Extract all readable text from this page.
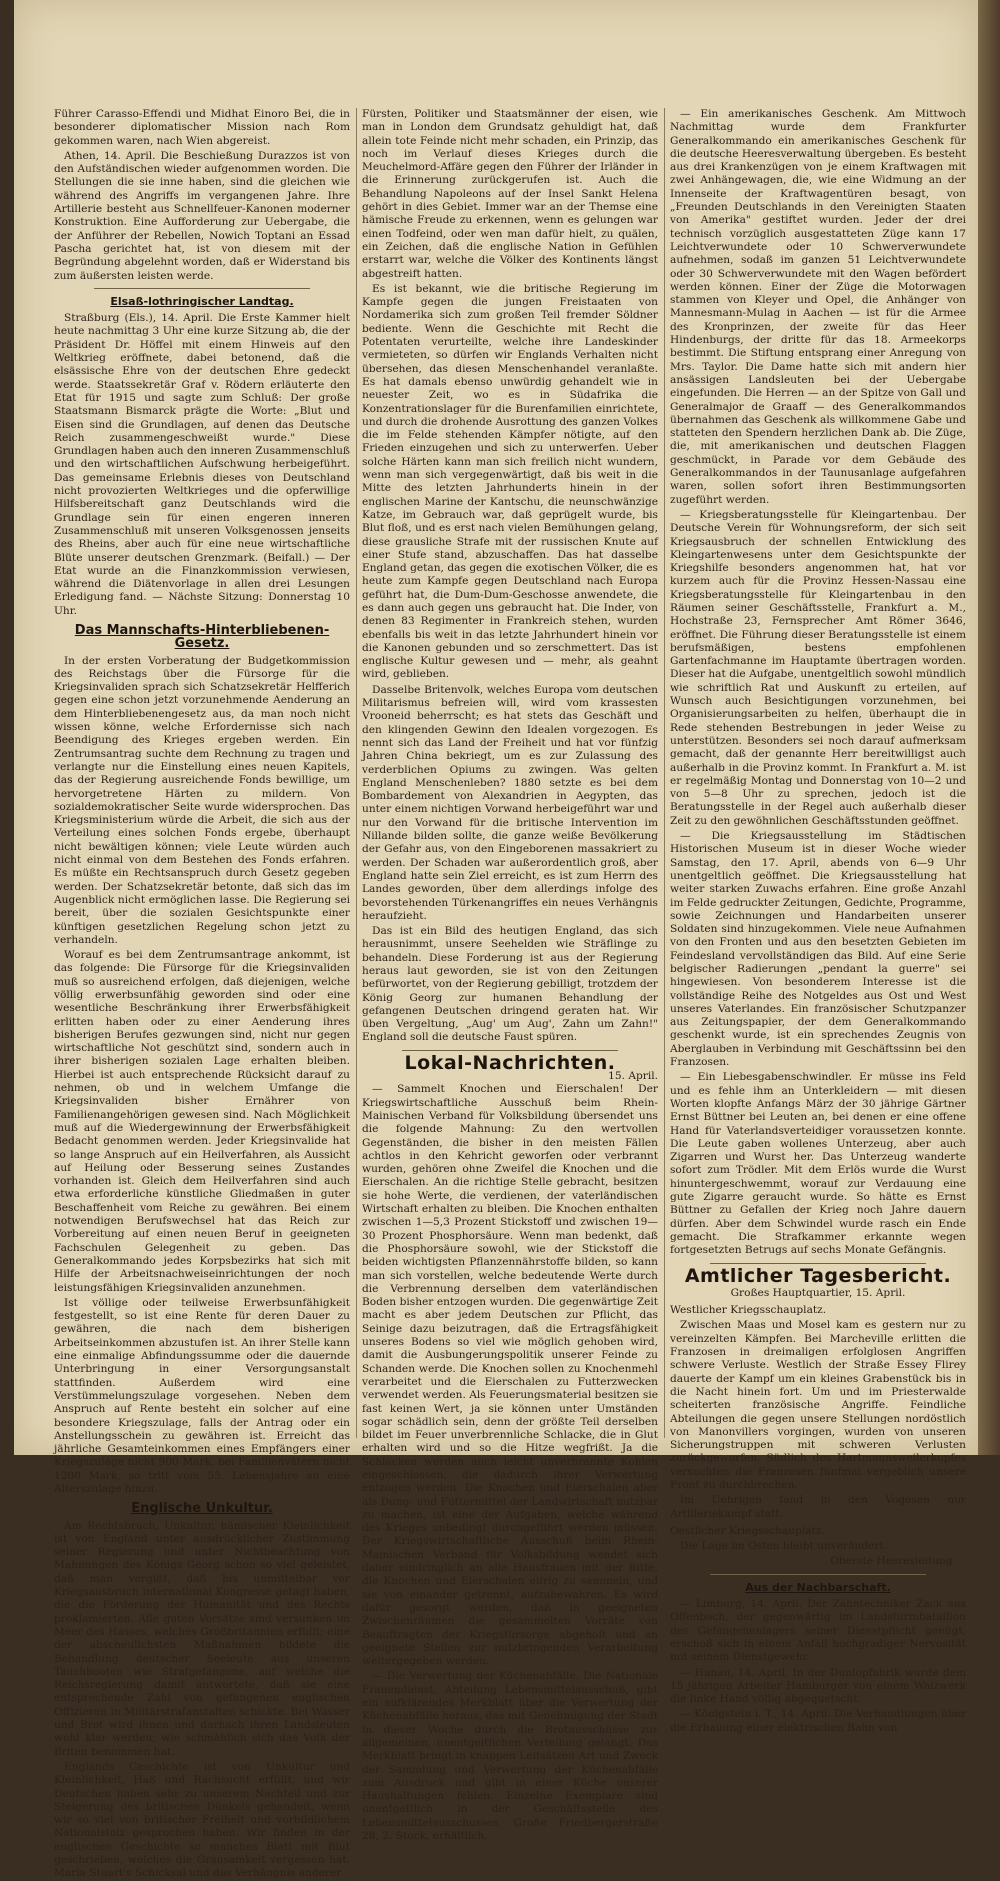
Führer Carasso-Effendi und Midhat Einoro Bei, die in besonderer diplomatischer Mission nach Rom gekommen waren, nach Wien abgereist.

Athen, 14. April. Die Beschießung Durazzos ist von den Aufständischen wieder aufgenommen worden. Die Stellungen die sie inne haben, sind die gleichen wie während des Angriffs im vergangenen Jahre. Ihre Artillerie besteht aus Schnellfeuer-Kanonen moderner Konstruktion. Eine Aufforderung zur Uebergabe, die der Anführer der Rebellen, Nowich Toptani an Essad Pascha gerichtet hat, ist von diesem mit der Begründung abgelehnt worden, daß er Widerstand bis zum äußersten leisten werde.

Elsaß-lothringischer Landtag.

Straßburg (Els.), 14. April. Die Erste Kammer hielt heute nachmittag 3 Uhr eine kurze Sitzung ab, die der Präsident Dr. Höffel mit einem Hinweis auf den Weltkrieg eröffnete, dabei betonend, daß die elsässische Ehre von der deutschen Ehre gedeckt werde. Staatssekretär Graf v. Rödern erläuterte den Etat für 1915 und sagte zum Schluß: Der große Staatsmann Bismarck prägte die Worte: „Blut und Eisen sind die Grundlagen, auf denen das Deutsche Reich zusammengeschweißt wurde." Diese Grundlagen haben auch den inneren Zusammenschluß und den wirtschaftlichen Aufschwung herbeigeführt. Das gemeinsame Erlebnis dieses von Deutschland nicht provozierten Weltkrieges und die opferwillige Hilfsbereitschaft ganz Deutschlands wird die Grundlage sein für einen engeren inneren Zusammenschluß mit unseren Volksgenossen jenseits des Rheins, aber auch für eine neue wirtschaftliche Blüte unserer deutschen Grenzmark. (Beifall.) — Der Etat wurde an die Finanzkommission verwiesen, während die Diätenvorlage in allen drei Lesungen Erledigung fand. — Nächste Sitzung: Donnerstag 10 Uhr.

Das Mannschafts-Hinterbliebenen-Gesetz.

In der ersten Vorberatung der Budgetkommission des Reichstags über die Fürsorge für die Kriegsinvaliden sprach sich Schatzsekretär Helfferich gegen eine schon jetzt vorzunehmende Aenderung an dem Hinterbliebenengesetz aus, da man noch nicht wissen könne, welche Erfordernisse sich nach Beendigung des Krieges ergeben werden. Ein Zentrumsantrag suchte dem Rechnung zu tragen und verlangte nur die Einstellung eines neuen Kapitels, das der Regierung ausreichende Fonds bewillige, um hervorgetretene Härten zu mildern. Von sozialdemokratischer Seite wurde widersprochen. Das Kriegsministerium würde die Arbeit, die sich aus der Verteilung eines solchen Fonds ergebe, überhaupt nicht bewältigen können; viele Leute würden auch nicht einmal von dem Bestehen des Fonds erfahren. Es müßte ein Rechtsanspruch durch Gesetz gegeben werden. Der Schatzsekretär betonte, daß sich das im Augenblick nicht ermöglichen lasse. Die Regierung sei bereit, über die sozialen Gesichtspunkte einer künftigen gesetzlichen Regelung schon jetzt zu verhandeln.

Worauf es bei dem Zentrumsantrage ankommt, ist das folgende: Die Fürsorge für die Kriegsinvaliden muß so ausreichend erfolgen, daß diejenigen, welche völlig erwerbsunfähig geworden sind oder eine wesentliche Beschränkung ihrer Erwerbsfähigkeit erlitten haben oder zu einer Aenderung ihres bisherigen Berufes gezwungen sind, nicht nur gegen wirtschaftliche Not geschützt sind, sondern auch in ihrer bisherigen sozialen Lage erhalten bleiben. Hierbei ist auch entsprechende Rücksicht darauf zu nehmen, ob und in welchem Umfange die Kriegsinvaliden bisher Ernährer von Familienangehörigen gewesen sind. Nach Möglichkeit muß auf die Wiedergewinnung der Erwerbsfähigkeit Bedacht genommen werden. Jeder Kriegsinvalide hat so lange Anspruch auf ein Heilverfahren, als Aussicht auf Heilung oder Besserung seines Zustandes vorhanden ist. Gleich dem Heilverfahren sind auch etwa erforderliche künstliche Gliedmaßen in guter Beschaffenheit vom Reiche zu gewähren. Bei einem notwendigen Berufswechsel hat das Reich zur Vorbereitung auf einen neuen Beruf in geeigneten Fachschulen Gelegenheit zu geben. Das Generalkommando jedes Korpsbezirks hat sich mit Hilfe der Arbeitsnachweiseinrichtungen der noch leistungsfähigen Kriegsinvaliden anzunehmen.

Ist völlige oder teilweise Erwerbsunfähigkeit festgestellt, so ist eine Rente für deren Dauer zu gewähren, die nach dem bisherigen Arbeitseinkommen abzustufen ist. An ihrer Stelle kann eine einmalige Abfindungssumme oder die dauernde Unterbringung in einer Versorgungsanstalt stattfinden. Außerdem wird eine Verstümmelungszulage vorgesehen. Neben dem Anspruch auf Rente besteht ein solcher auf eine besondere Kriegszulage, falls der Antrag oder ein Anstellungsschein zu gewähren ist. Erreicht das jährliche Gesamteinkommen eines Empfängers einer Kriegszulage nicht 900 Mark, bei Familienvätern nicht 1200 Mark, so tritt vom 55. Lebensjahre an eine Alterszulage hinzu.

Englische Unkultur.

Am Rechtsbruch, Unkultur, hämischer Kleinlichkeit ist von England unter ausdrücklicher Zustimmung seiner Regierung und unter Nichtbeachtung von Mahnungen des Königs Georg schon so viel geleistet, daß man vergißt, daß bis unmittelbar vor Kriegsausbruch international Kongresse getagt haben, die die Förderung der Humanität und des Rechts proklamierten. Alle guten Vorsätze sind versunken im Meer des Hasses, welches Großbritannien erfüllt; eine der abscheulichsten Maßnahmen bildete die Behandlung deutscher Seeleute aus unseren Tauchbooten wie Strafgefangene, auf welche die Reichsregierung damit antwortete, daß sie eine entsprechende Zahl von gefangenen englischen Offizieren in Militärstrafanstalten schickte. Bei Wasser und Brot wird ihnen und darnach ihren Landsleuten wohl klar werden, wie schmählich sich das Volk der Briten benommen hat.

Englands Geschichte ist von Unkultur und Kleinlichkeit, Haß und Rachsucht erfüllt, und wir Deutschen haben sehr zu unserem Nachteil und zur Steigerung des britischen Dünkels gehandelt, wenn wir so viel von britischer Freiheit und vorbildlichem Nationalstolz gesprochen haben. Wir finden in der englischen Geschichte so manches Blatt mit Blut geschrieben, welches die Grausamkeit vergessen hat. Maria Stuart's Schicksal und das Verhängnis anderer

Fürsten, Politiker und Staatsmänner der eisen, wie man in London dem Grundsatz gehuldigt hat, daß allein tote Feinde nicht mehr schaden, ein Prinzip, das noch im Verlauf dieses Krieges durch die Meuchelmord-Affäre gegen den Führer der Irländer in die Erinnerung zurückgerufen ist. Auch die Behandlung Napoleons auf der Insel Sankt Helena gehört in dies Gebiet. Immer war an der Themse eine hämische Freude zu erkennen, wenn es gelungen war einen Todfeind, oder wen man dafür hielt, zu quälen, ein Zeichen, daß die englische Nation in Gefühlen erstarrt war, welche die Völker des Kontinents längst abgestreift hatten.

Es ist bekannt, wie die britische Regierung im Kampfe gegen die jungen Freistaaten von Nordamerika sich zum großen Teil fremder Söldner bediente. Wenn die Geschichte mit Recht die Potentaten verurteilte, welche ihre Landeskinder vermieteten, so dürfen wir Englands Verhalten nicht übersehen, das diesen Menschenhandel veranlaßte. Es hat damals ebenso unwürdig gehandelt wie in neuester Zeit, wo es in Südafrika die Konzentrationslager für die Burenfamilien einrichtete, und durch die drohende Ausrottung des ganzen Volkes die im Felde stehenden Kämpfer nötigte, auf den Frieden einzugehen und sich zu unterwerfen. Ueber solche Härten kann man sich freilich nicht wundern, wenn man sich vergegenwärtigt, daß bis weit in die Mitte des letzten Jahrhunderts hinein in der englischen Marine der Kantschu, die neunschwänzige Katze, im Gebrauch war, daß geprügelt wurde, bis Blut floß, und es erst nach vielen Bemühungen gelang, diese grausliche Strafe mit der russischen Knute auf einer Stufe stand, abzuschaffen. Das hat dasselbe England getan, das gegen die exotischen Völker, die es heute zum Kampfe gegen Deutschland nach Europa geführt hat, die Dum-Dum-Geschosse anwendete, die es dann auch gegen uns gebraucht hat. Die Inder, von denen 83 Regimenter in Frankreich stehen, wurden ebenfalls bis weit in das letzte Jahrhundert hinein vor die Kanonen gebunden und so zerschmettert. Das ist englische Kultur gewesen und — mehr, als geahnt wird, geblieben.

Dasselbe Britenvolk, welches Europa vom deutschen Militarismus befreien will, wird vom krassesten Vrooneid beherrscht; es hat stets das Geschäft und den klingenden Gewinn den Idealen vorgezogen. Es nennt sich das Land der Freiheit und hat vor fünfzig Jahren China bekriegt, um es zur Zulassung des verderblichen Opiums zu zwingen. Was gelten England Menschenleben? 1880 setzte es bei dem Bombardement von Alexandrien in Aegypten, das unter einem nichtigen Vorwand herbeigeführt war und nur den Vorwand für die britische Intervention im Nillande bilden sollte, die ganze weiße Bevölkerung der Gefahr aus, von den Eingeborenen massakriert zu werden. Der Schaden war außerordentlich groß, aber England hatte sein Ziel erreicht, es ist zum Herrn des Landes geworden, über dem allerdings infolge des bevorstehenden Türkenangriffes ein neues Verhängnis heraufzieht.

Das ist ein Bild des heutigen England, das sich herausnimmt, unsere Seehelden wie Sträflinge zu behandeln. Diese Forderung ist aus der Regierung heraus laut geworden, sie ist von den Zeitungen befürwortet, von der Regierung gebilligt, trotzdem der König Georg zur humanen Behandlung der gefangenen Deutschen dringend geraten hat. Wir üben Vergeltung, „Aug' um Aug', Zahn um Zahn!" England soll die deutsche Faust spüren.

Lokal-Nachrichten.
15. April.

— Sammelt Knochen und Eierschalen! Der Kriegswirtschaftliche Ausschuß beim Rhein-Mainischen Verband für Volksbildung übersendet uns die folgende Mahnung: Zu den wertvollen Gegenständen, die bisher in den meisten Fällen achtlos in den Kehricht geworfen oder verbrannt wurden, gehören ohne Zweifel die Knochen und die Eierschalen. An die richtige Stelle gebracht, besitzen sie hohe Werte, die verdienen, der vaterländischen Wirtschaft erhalten zu bleiben. Die Knochen enthalten zwischen 1—5,3 Prozent Stickstoff und zwischen 19—30 Prozent Phosphorsäure. Wenn man bedenkt, daß die Phosphorsäure sowohl, wie der Stickstoff die beiden wichtigsten Pflanzennährstoffe bilden, so kann man sich vorstellen, welche bedeutende Werte durch die Verbrennung derselben dem vaterländischen Boden bisher entzogen wurden. Die gegenwärtige Zeit macht es aber jedem Deutschen zur Pflicht, das Seinige dazu beizutragen, daß die Ertragsfähigkeit unseres Bodens so viel wie möglich gehoben wird, damit die Ausbungerungspolitik unserer Feinde zu Schanden werde. Die Knochen sollen zu Knochenmehl verarbeitet und die Eierschalen zu Futterzwecken verwendet werden. Als Feuerungsmaterial besitzen sie fast keinen Wert, ja sie können unter Umständen sogar schädlich sein, denn der größte Teil derselben bildet im Feuer unverbrennliche Schlacke, die in Glut erhalten wird und so die Hitze wegfrißt. Ja die Schlacken werden auch leicht unverbrannte Kohlen eingeschlossen, die dadurch ihrer Verwertung entzogen werden. Die Knochen und Eierschalen aber als Dung- und Futtermittel der Landwirtschaft nutzbar zu machen, ist eine der Aufgaben, welche während des Krieges unbedingt durchgeführt werden müssen. Der Kriegswirtschaftliche Ausschuß beim Rhein-Mainischen Verband für Volksbildung wendet sich daher eindringlich an alle Hausfrauen mit der Bitte, die Knochen und Eierschalen eifrig zu sammeln, und sie von einander getrennt, aufzubewahren. Es wird dafür gesorgt werden, daß in geeigneten Zwischenräumen die gesammelten Vorräte von Beauftragten der Kriegsfürsorge abgeholt und an geeignete Stellen zur nutzbringenden Verarbeitung weitergegeben werden.

— Die Verwertung der Küchenabfälle. Die Nationale Frauendienst, Abteilung Lebensmittelausschuß, gibt ein aufklärendes Merkblatt über die Verwertung der Küchenabfälle heraus, das mit Genehmigung der Stadt in dieser Woche durch die Brotausschüsse zur allgemeinen, unentgeltlichen Verteilung gelangt. Das Merkblatt bringt in knappen Leitsätzen Art und Zweck der Sammlung und Verwertung der Küchenabfälle zum Ausdruck und gibt in einer Küche unserer Haushaltungen fehlen. Einzelne Exemplare sind unentgeltlich in der Geschäftsstelle des Lebensmittelausschusses, Große Friedbergerstraße 28, 2. Stock, erhältlich.

— Ein amerikanisches Geschenk. Am Mittwoch Nachmittag wurde dem Frankfurter Generalkommando ein amerikanisches Geschenk für die deutsche Heeresverwaltung übergeben. Es besteht aus drei Krankenzügen von je einem Kraftwagen mit zwei Anhängewagen, die, wie eine Widmung an der Innenseite der Kraftwagentüren besagt, von „Freunden Deutschlands in den Vereinigten Staaten von Amerika" gestiftet wurden. Jeder der drei technisch vorzüglich ausgestatteten Züge kann 17 Leichtverwundete oder 10 Schwerverwundete aufnehmen, sodaß im ganzen 51 Leichtverwundete oder 30 Schwerverwundete mit den Wagen befördert werden können. Einer der Züge die Motorwagen stammen von Kleyer und Opel, die Anhänger von Mannesmann-Mulag in Aachen — ist für die Armee des Kronprinzen, der zweite für das Heer Hindenburgs, der dritte für das 18. Armeekorps bestimmt. Die Stiftung entsprang einer Anregung von Mrs. Taylor. Die Dame hatte sich mit andern hier ansässigen Landsleuten bei der Uebergabe eingefunden. Die Herren — an der Spitze von Gall und Generalmajor de Graaff — des Generalkommandos übernahmen das Geschenk als willkommene Gabe und statteten den Spendern herzlichen Dank ab. Die Züge, die, mit amerikanischen und deutschen Flaggen geschmückt, in Parade vor dem Gebäude des Generalkommandos in der Taunusanlage aufgefahren waren, sollen sofort ihren Bestimmungsorten zugeführt werden.

— Kriegsberatungsstelle für Kleingartenbau. Der Deutsche Verein für Wohnungsreform, der sich seit Kriegsausbruch der schnellen Entwicklung des Kleingartenwesens unter dem Gesichtspunkte der Kriegshilfe besonders angenommen hat, hat vor kurzem auch für die Provinz Hessen-Nassau eine Kriegsberatungsstelle für Kleingartenbau in den Räumen seiner Geschäftsstelle, Frankfurt a. M., Hochstraße 23, Fernsprecher Amt Römer 3646, eröffnet. Die Führung dieser Beratungsstelle ist einem berufsmäßigen, bestens empfohlenen Gartenfachmanne im Hauptamte übertragen worden. Dieser hat die Aufgabe, unentgeltlich sowohl mündlich wie schriftlich Rat und Auskunft zu erteilen, auf Wunsch auch Besichtigungen vorzunehmen, bei Organisierungsarbeiten zu helfen, überhaupt die in Rede stehenden Bestrebungen in jeder Weise zu unterstützen. Besonders sei noch darauf aufmerksam gemacht, daß der genannte Herr bereitwilligst auch außerhalb in die Provinz kommt. In Frankfurt a. M. ist er regelmäßig Montag und Donnerstag von 10—2 und von 5—8 Uhr zu sprechen, jedoch ist die Beratungsstelle in der Regel auch außerhalb dieser Zeit zu den gewöhnlichen Geschäftsstunden geöffnet.

— Die Kriegsausstellung im Städtischen Historischen Museum ist in dieser Woche wieder Samstag, den 17. April, abends von 6—9 Uhr unentgeltlich geöffnet. Die Kriegsausstellung hat weiter starken Zuwachs erfahren. Eine große Anzahl im Felde gedruckter Zeitungen, Gedichte, Programme, sowie Zeichnungen und Handarbeiten unserer Soldaten sind hinzugekommen. Viele neue Aufnahmen von den Fronten und aus den besetzten Gebieten im Feindesland vervollständigen das Bild. Auf eine Serie belgischer Radierungen „pendant la guerre" sei hingewiesen. Von besonderem Interesse ist die vollständige Reihe des Notgeldes aus Ost und West unseres Vaterlandes. Ein französischer Schutzpanzer aus Zeitungspapier, der dem Generalkommando geschenkt wurde, ist ein sprechendes Zeugnis von Aberglauben in Verbindung mit Geschäftssinn bei den Franzosen.

— Ein Liebesgabenschwindler. Er müsse ins Feld und es fehle ihm an Unterkleidern — mit diesen Worten klopfte Anfangs März der 30 jährige Gärtner Ernst Büttner bei Leuten an, bei denen er eine offene Hand für Vaterlandsverteidiger voraussetzen konnte. Die Leute gaben wollenes Unterzeug, aber auch Zigarren und Wurst her. Das Unterzeug wanderte sofort zum Trödler. Mit dem Erlös wurde die Wurst hinuntergeschwemmt, worauf zur Verdauung eine gute Zigarre geraucht wurde. So hätte es Ernst Büttner zu Gefallen der Krieg noch Jahre dauern dürfen. Aber dem Schwindel wurde rasch ein Ende gemacht. Die Strafkammer erkannte wegen fortgesetzten Betrugs auf sechs Monate Gefängnis.

Amtlicher Tagesbericht.
Großes Hauptquartier, 15. April.

Westlicher Kriegsschauplatz.

Zwischen Maas und Mosel kam es gestern nur zu vereinzelten Kämpfen. Bei Marcheville erlitten die Franzosen in dreimaligen erfolglosen Angriffen schwere Verluste. Westlich der Straße Essey Flirey dauerte der Kampf um ein kleines Grabenstück bis in die Nacht hinein fort. Um und im Priesterwalde scheiterten französische Angriffe. Feindliche Abteilungen die gegen unsere Stellungen nordöstlich von Manonvillers vorgingen, wurden von unseren Sicherungstruppen mit schweren Verlusten zurückgeworfen. Südlich des Hartmannsweilerkopfes versuchten die Franzosen fünfmal vergeblich unsere Front zu durchbrechen.

Im Uebrigen fand in den Vogesen nur Artilleriekampf statt.

Oestlicher Kriegsschauplatz.

Die Lage im Osten bleibt unverändert.

Oberste Heeresleitung.
Aus der Nachbarschaft.

— Limburg, 14. April. Der Zahntechniker Zack aus Offenbach, der gegenwärtig im Landsturmbataillon des Gefangenenlagers seiner Dienstpflicht genügt, erschoß sich in einem Anfall hochgradiger Nervosität mit seinem Dienstgewehr.

— Hanau, 14. April. In der Dunlopfabrik wurde dem 15 jährigen Arbeiter Hamburger von einem Walzwerk die linke Hand völlig abgequetscht.

— Königstein i. T., 14. April. Die Verhandlungen über die Erbauung einer elektrischen Bahn von
